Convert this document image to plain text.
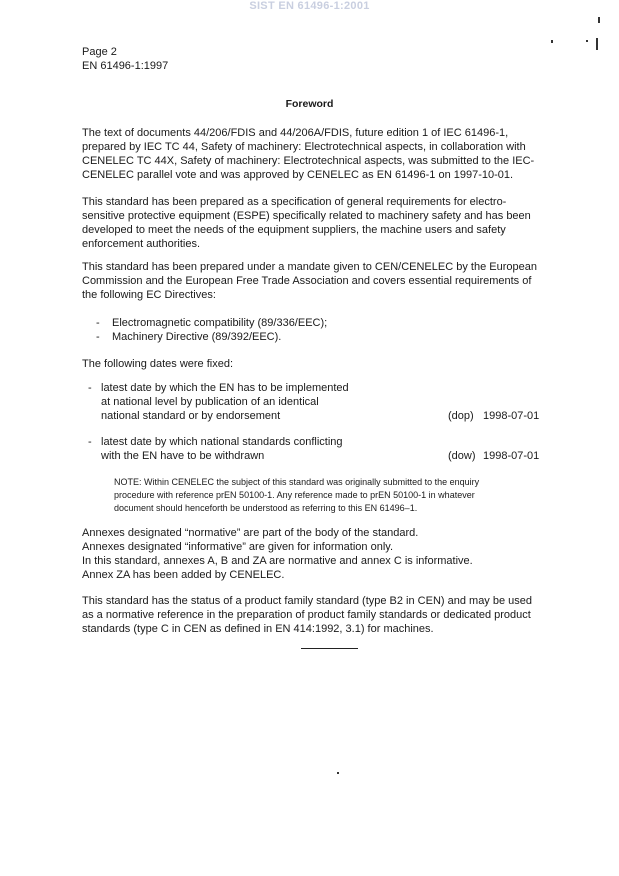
SIST EN 61496-1:2001
Page 2
EN 61496-1:1997
Foreword
The text of documents 44/206/FDIS and 44/206A/FDIS, future edition 1 of IEC 61496-1,
prepared by IEC TC 44, Safety of machinery: Electrotechnical aspects, in collaboration with
CENELEC TC 44X, Safety of machinery: Electrotechnical aspects, was submitted to the IEC-
CENELEC parallel vote and was approved by CENELEC as EN 61496-1 on 1997-10-01.
This standard has been prepared as a specification of general requirements for electro-
sensitive protective equipment (ESPE) specifically related to machinery safety and has been
developed to meet the needs of the equipment suppliers, the machine users and safety
enforcement authorities.
This standard has been prepared under a mandate given to CEN/CENELEC by the European
Commission and the European Free Trade Association and covers essential requirements of
the following EC Directives:
- Electromagnetic compatibility (89/336/EEC);
- Machinery Directive (89/392/EEC).
The following dates were fixed:
- latest date by which the EN has to be implemented
at national level by publication of an identical
national standard or by endorsement	(dop) 1998-07-01
- latest date by which national standards conflicting
with the EN have to be withdrawn	(dow) 1998-07-01
NOTE: Within CENELEC the subject of this standard was originally submitted to the enquiry
procedure with reference prEN 50100-1. Any reference made to prEN 50100-1 in whatever
document should henceforth be understood as referring to this EN 61496–1.
Annexes designated “normative” are part of the body of the standard.
Annexes designated “informative” are given for information only.
In this standard, annexes A, B and ZA are normative and annex C is informative.
Annex ZA has been added by CENELEC.
This standard has the status of a product family standard (type B2 in CEN) and may be used
as a normative reference in the preparation of product family standards or dedicated product
standards (type C in CEN as defined in EN 414:1992, 3.1) for machines.
